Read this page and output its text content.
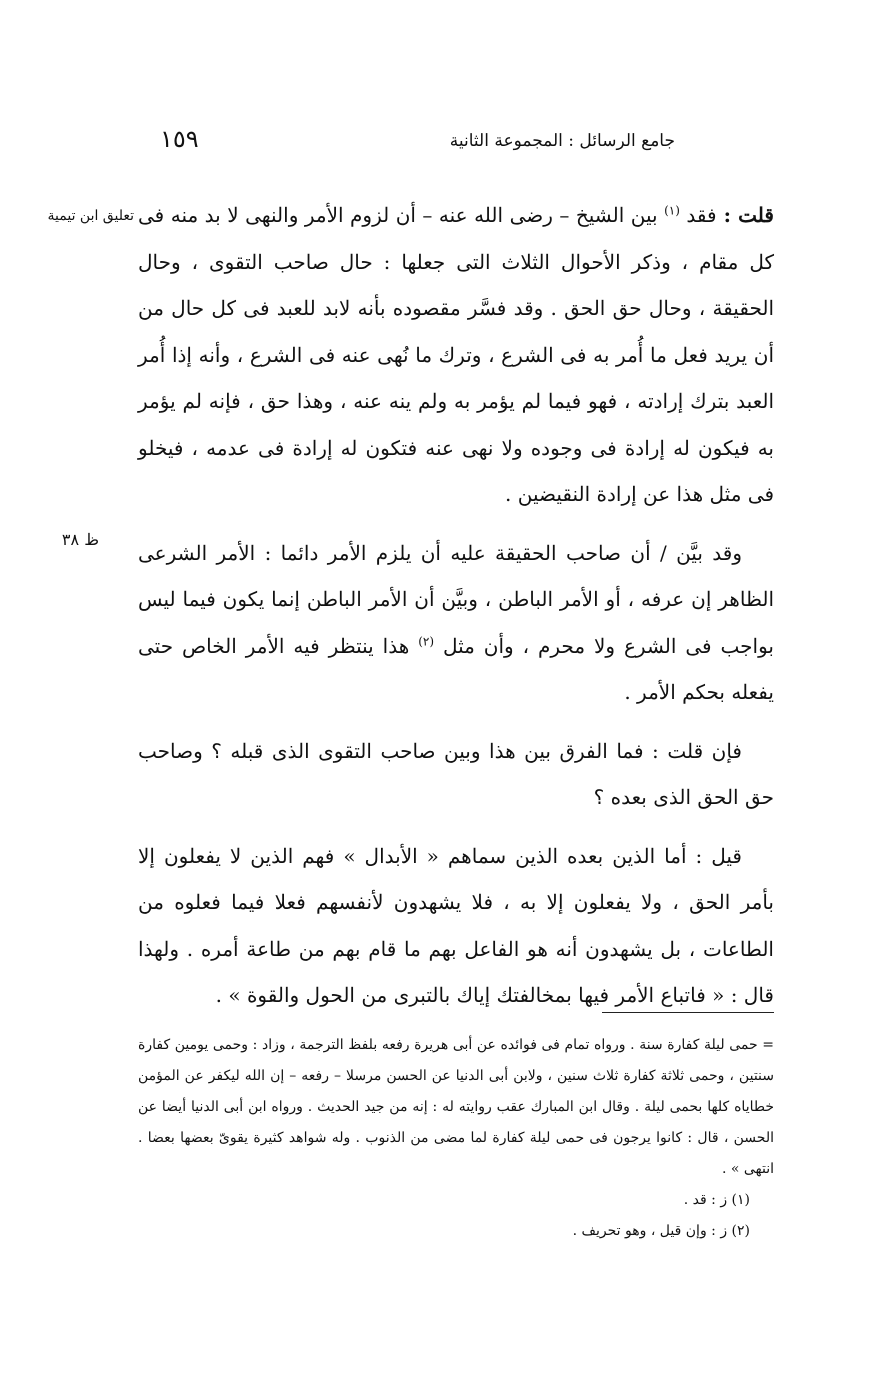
جامع الرسائل : المجموعة الثانية
١٥٩
تعليق ابن تيمية
ظ ٣٨

قلت : فقد $^{(١)}$ بين الشيخ – رضى الله عنه – أن لزوم الأمر والنهى لا بد منه فى كل مقام ، وذكر الأحوال الثلاث التى جعلها : حال صاحب التقوى ، وحال الحقيقة ، وحال حق الحق . وقد فسَّر مقصوده بأنه لابد للعبد فى كل حال من أن يريد فعل ما أُمر به فى الشرع ، وترك ما نُهى عنه فى الشرع ، وأنه إذا أُمر العبد بترك إرادته ، فهو فيما لم يؤمر به ولم ينه عنه ، وهذا حق ، فإنه لم يؤمر به فيكون له إرادة فى وجوده ولا نهى عنه فتكون له إرادة فى عدمه ، فيخلو فى مثل هذا عن إرادة النقيضين .

وقد بيَّن / أن صاحب الحقيقة عليه أن يلزم الأمر دائما : الأمر الشرعى الظاهر إن عرفه ، أو الأمر الباطن ، وبيَّن أن الأمر الباطن إنما يكون فيما ليس بواجب فى الشرع ولا محرم ، وأن مثل $^{(٢)}$ هذا ينتظر فيه الأمر الخاص حتى يفعله بحكم الأمر .

فإن قلت : فما الفرق بين هذا وبين صاحب التقوى الذى قبله ؟ وصاحب حق الحق الذى بعده ؟

قيل : أما الذين بعده الذين سماهم « الأبدال » فهم الذين لا يفعلون إلا بأمر الحق ، ولا يفعلون إلا به ، فلا يشهدون لأنفسهم فعلا فيما فعلوه من الطاعات ، بل يشهدون أنه هو الفاعل بهم ما قام بهم من طاعة أمره . ولهذا قال : « فاتباع الأمر فيها بمخالفتك إياك بالتبرى من الحول والقوة » .

= حمى ليلة كفارة سنة . ورواه تمام فى فوائده عن أبى هريرة رفعه بلفظ الترجمة ، وزاد : وحمى يومين كفارة سنتين ، وحمى ثلاثة كفارة ثلاث سنين ، ولابن أبى الدنيا عن الحسن مرسلا – رفعه – إن الله ليكفر عن المؤمن خطاياه كلها بحمى ليلة . وقال ابن المبارك عقب روايته له : إنه من جيد الحديث . ورواه ابن أبى الدنيا أيضا عن الحسن ، قال : كانوا يرجون فى حمى ليلة كفارة لما مضى من الذنوب . وله شواهد كثيرة يقوىّ بعضها بعضا . انتهى » .

(١) ز : قد .

(٢) ز : وإن قيل ، وهو تحريف .
